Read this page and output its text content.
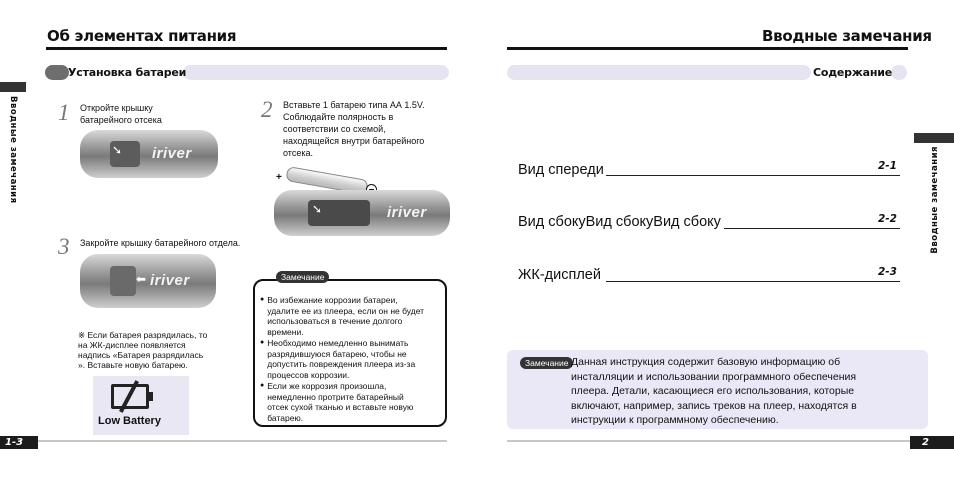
Об элементах питания
Установка батареи
Вводные замечания 1 Откройте крышку
батарейного отсека
➘ iriver
2 Вставьте 1 батарею типа АА 1.5V.
Соблюдайте полярность в
соответствии со схемой,
находящейся внутри батарейного
отсека.
+
➘	iriver
3 Закройте крышку батарейного отдела.
⬅ iriver
※ Если батарея разрядилась, то
на ЖК-дисплее появляется
надпись «Батарея разрядилась
». Вставьте новую батарею.
Low Battery
Замечание
● Во избежание коррозии батареи,
удалите ее из плеера, если он не будет
использоваться в течение долгого
времени.
● Необходимо немедленно вынимать
разрядившуюся батарею, чтобы не
допустить повреждения плеера из-за
процессов коррозии.
● Если же коррозия произошла,
немедленно протрите батарейный
отсек сухой тканью и вставьте новую
батарею.
1-3
Вводные замечания
Содержание
Вводные замечания
Вид спереди	2-1
Вид сбокуВид сбокуВид сбоку	2-2
ЖК-дисплей	2-3
Замечание Данная инструкция содержит базовую информацию об
инсталляции и использовании программного обеспечения
плеера. Детали, касающиеся его использования, которые
включают, например, запись треков на плеер, находятся в
инструкции к программному обеспечению.
2
